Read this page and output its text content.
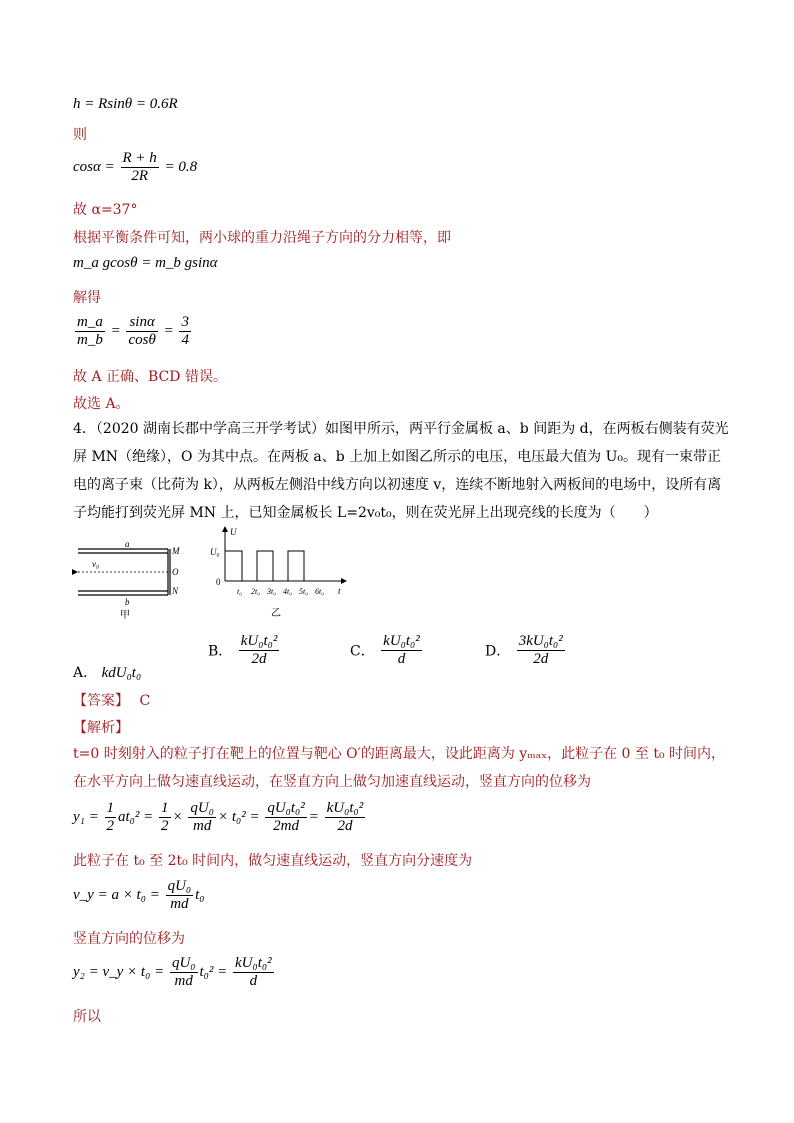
h = Rsinθ = 0.6R
则
$\cos\alpha = \frac{R + h}{2R} = 0.8$
故 α=37°
根据平衡条件可知，两小球的重力沿绳子方向的分力相等，即
m_a gcosθ = m_b gsinα
解得
$\frac{m\_a}{m\_b} = \frac{\sin\alpha}{\cos\theta} = \frac{3}{4}$
故 A 正确、BCD 错误。
故选 A。
4．（2020 湖南长郡中学高三开学考试）如图甲所示，两平行金属板 a、b 间距为 d，在两板右侧装有荧光屏 MN（绝缘），O 为其中点。在两板 a、b 上加上如图乙所示的电压，电压最大值为 U₀。现有一束带正电的离子束（比荷为 k），从两板左侧沿中线方向以初速度 v，连续不断地射入两板间的电场中，设所有离子均能打到荧光屏 MN 上，已知金属板长 L=2v₀t₀，则在荧光屏上出现亮线的长度为（　　）
a
b
v₀
M
O
N
甲
U
U₀
0
t
t₀ 2t₀ 3t₀ 4t₀ 5t₀ 6t₀
乙
A． kdU₀t₀
B． $\frac{\text{kU₀t₀²}}{2d}$	C． $\frac{\text{kU₀t₀²}}{d}$	D． $\frac{\text{3kU₀t₀²}}{2d}$
【答案】 C
【解析】
t=0 时刻射入的粒子打在靶上的位置与靶心 O′的距离最大，设此距离为 yₘₐₓ，此粒子在 0 至 t₀ 时间内，在水平方向上做匀速直线运动，在竖直方向上做匀加速直线运动，竖直方向的位移为
$y_1 = \frac{1}{2} at_0^2 = \frac{1}{2} \times \frac{\text{qU₀}}{md} \times t_0^2 = \frac{\text{qU₀t₀²}}{2md} = \frac{\text{kU₀t₀²}}{2d}$
此粒子在 t₀ 至 2t₀ 时间内，做匀速直线运动，竖直方向分速度为
v_y = $a \times t_0 = \frac{\text{qU₀}}{md} t_0$
竖直方向的位移为
y₂ = v_y × $t_0 = \frac{\text{qU₀}}{md} t_0^2 = \frac{\text{kU₀t₀²}}{d}$
所以
